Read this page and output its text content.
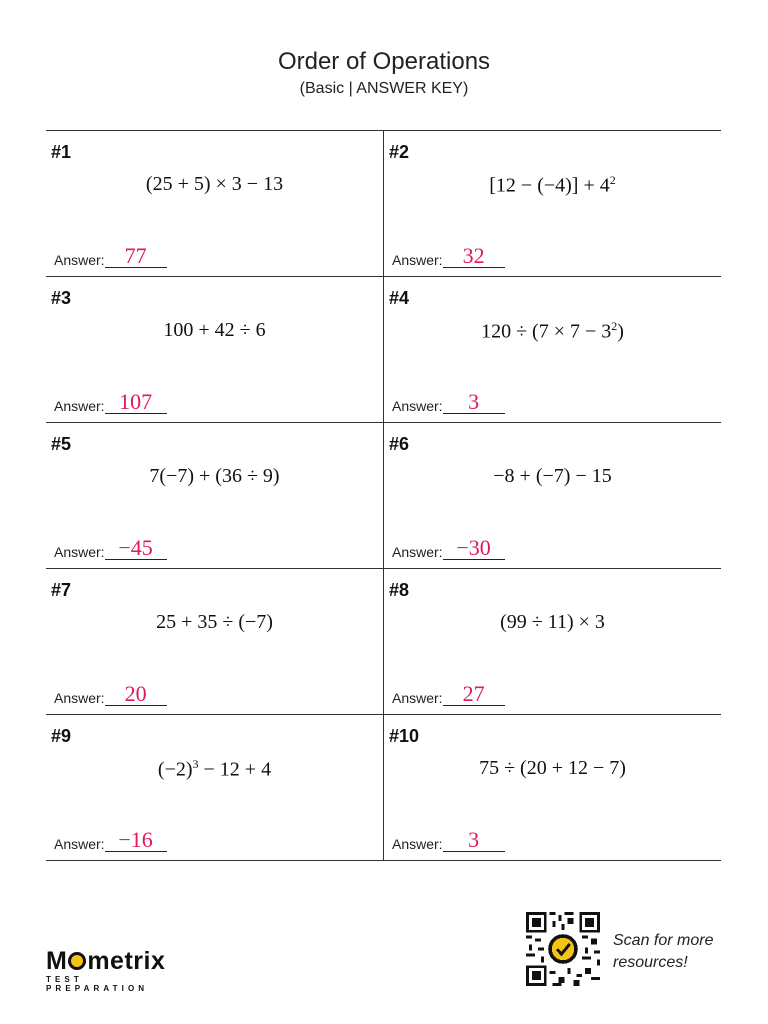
Order of Operations
(Basic | ANSWER KEY)
#1
(25 + 5) × 3 − 13
Answer: 77
#2
$[12 - (-4)] + 4^2$
Answer: 32
#3
100 + 42 ÷ 6
Answer: 107
#4
$120 \div (7 \times 7 - 3^2)$
Answer:	3
#5
7(−7) + (36 ÷ 9)
Answer: −45
#6
−8 + (−7) − 15
Answer: −30
#7
25 + 35 ÷ (−7)
Answer: 20
#8
(99 ÷ 11) × 3
Answer: 27
#9
$(-2)^3 - 12 + 4$
Answer: −16
#10
75 ÷ (20 + 12 − 7)
Answer:	3
M metrix
TEST PREPARATION
Scan for more
resources!
